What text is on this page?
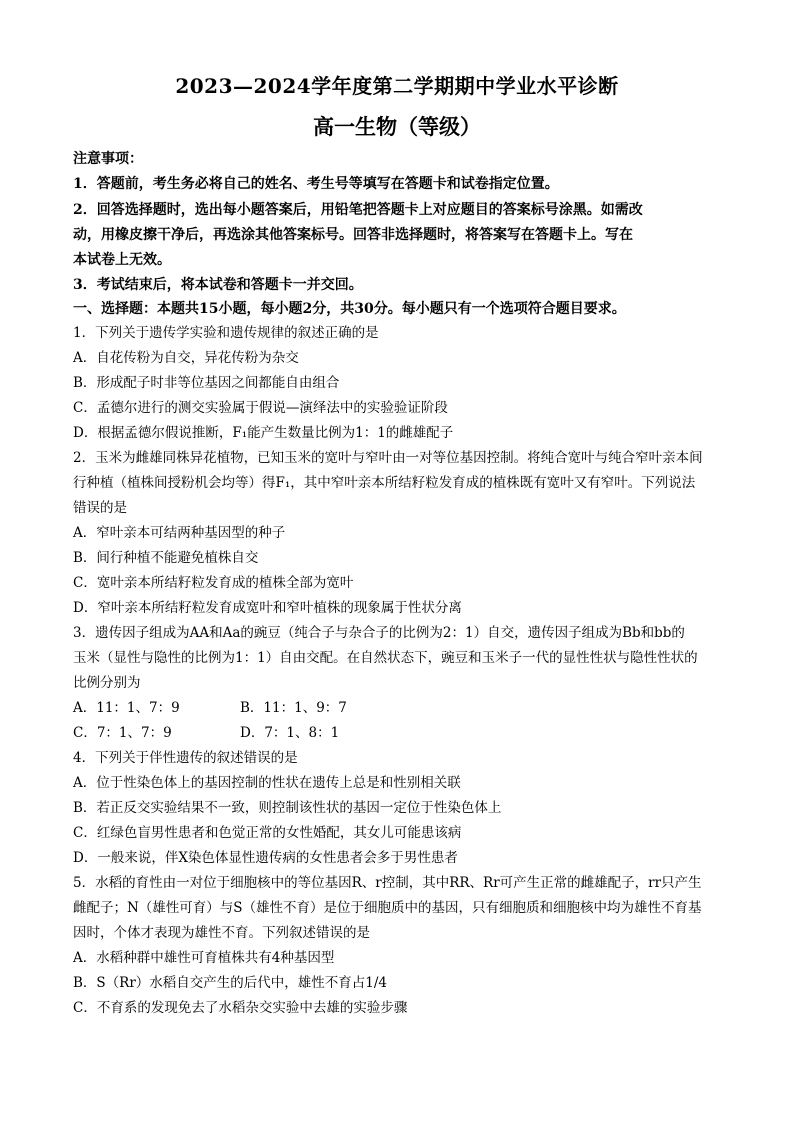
2023—2024学年度第二学期期中学业水平诊断
高一生物（等级）
注意事项：
1．答题前，考生务必将自己的姓名、考生号等填写在答题卡和试卷指定位置。
2．回答选择题时，选出每小题答案后，用铅笔把答题卡上对应题目的答案标号涂黑。如需改
动，用橡皮擦干净后，再选涂其他答案标号。回答非选择题时，将答案写在答题卡上。写在
本试卷上无效。
3．考试结束后，将本试卷和答题卡一并交回。
一、选择题：本题共15小题，每小题2分，共30分。每小题只有一个选项符合题目要求。
1．下列关于遗传学实验和遗传规律的叙述正确的是
A．自花传粉为自交，异花传粉为杂交
B．形成配子时非等位基因之间都能自由组合
C．孟德尔进行的测交实验属于假说—演绎法中的实验验证阶段
D．根据孟德尔假说推断，F₁能产生数量比例为1：1的雌雄配子
2．玉米为雌雄同株异花植物，已知玉米的宽叶与窄叶由一对等位基因控制。将纯合宽叶与纯合窄叶亲本间
行种植（植株间授粉机会均等）得F₁，其中窄叶亲本所结籽粒发育成的植株既有宽叶又有窄叶。下列说法
错误的是
A．窄叶亲本可结两种基因型的种子
B．间行种植不能避免植株自交
C．宽叶亲本所结籽粒发育成的植株全部为宽叶
D．窄叶亲本所结籽粒发育成宽叶和窄叶植株的现象属于性状分离
3．遗传因子组成为AA和Aa的豌豆（纯合子与杂合子的比例为2：1）自交，遗传因子组成为Bb和bb的
玉米（显性与隐性的比例为1：1）自由交配。在自然状态下，豌豆和玉米子一代的显性性状与隐性性状的
比例分别为
A．11：1、7：9	B．11：1、9：7
C．7：1、7：9	D．7：1、8：1
4．下列关于伴性遗传的叙述错误的是
A．位于性染色体上的基因控制的性状在遗传上总是和性别相关联
B．若正反交实验结果不一致，则控制该性状的基因一定位于性染色体上
C．红绿色盲男性患者和色觉正常的女性婚配，其女儿可能患该病
D．一般来说，伴X染色体显性遗传病的女性患者会多于男性患者
5．水稻的育性由一对位于细胞核中的等位基因R、r控制，其中RR、Rr可产生正常的雌雄配子，rr只产生
雌配子；N（雄性可育）与S（雄性不育）是位于细胞质中的基因，只有细胞质和细胞核中均为雄性不育基
因时，个体才表现为雄性不育。下列叙述错误的是
A．水稻种群中雄性可育植株共有4种基因型
B．S（Rr）水稻自交产生的后代中，雄性不育占1/4
C．不育系的发现免去了水稻杂交实验中去雄的实验步骤
